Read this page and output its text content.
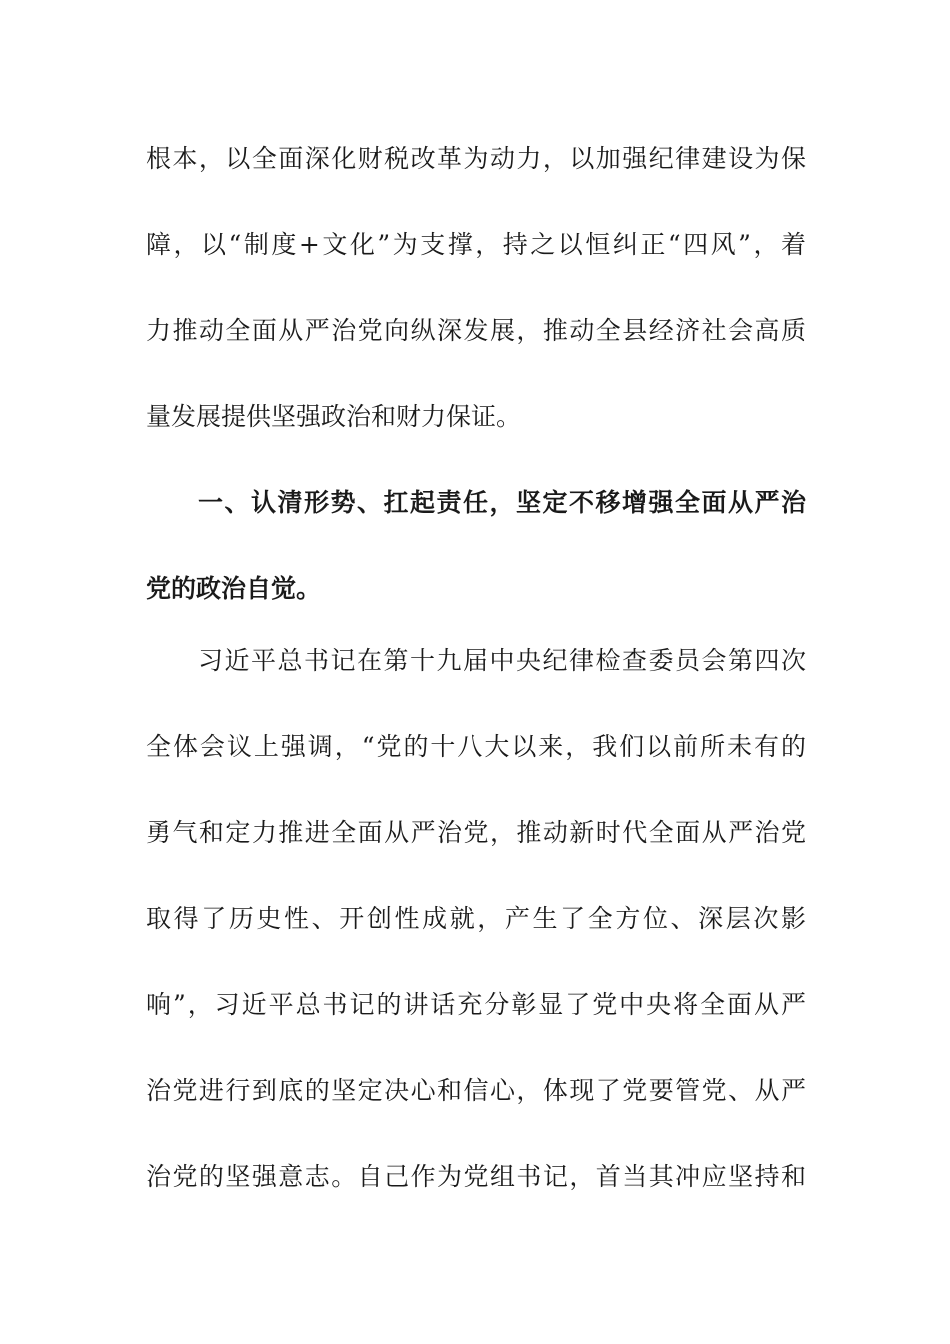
根本，以全面深化财税改革为动力，以加强纪律建设为保
障，以“制度+文化”为支撑，持之以恒纠正“四风”，着
力推动全面从严治党向纵深发展，推动全县经济社会高质
量发展提供坚强政治和财力保证。
一、认清形势、扛起责任，坚定不移增强全面从严治
党的政治自觉。
习近平总书记在第十九届中央纪律检查委员会第四次
全体会议上强调，“党的十八大以来，我们以前所未有的
勇气和定力推进全面从严治党，推动新时代全面从严治党
取得了历史性、开创性成就，产生了全方位、深层次影
响”，习近平总书记的讲话充分彰显了党中央将全面从严
治党进行到底的坚定决心和信心，体现了党要管党、从严
治党的坚强意志。自己作为党组书记，首当其冲应坚持和
